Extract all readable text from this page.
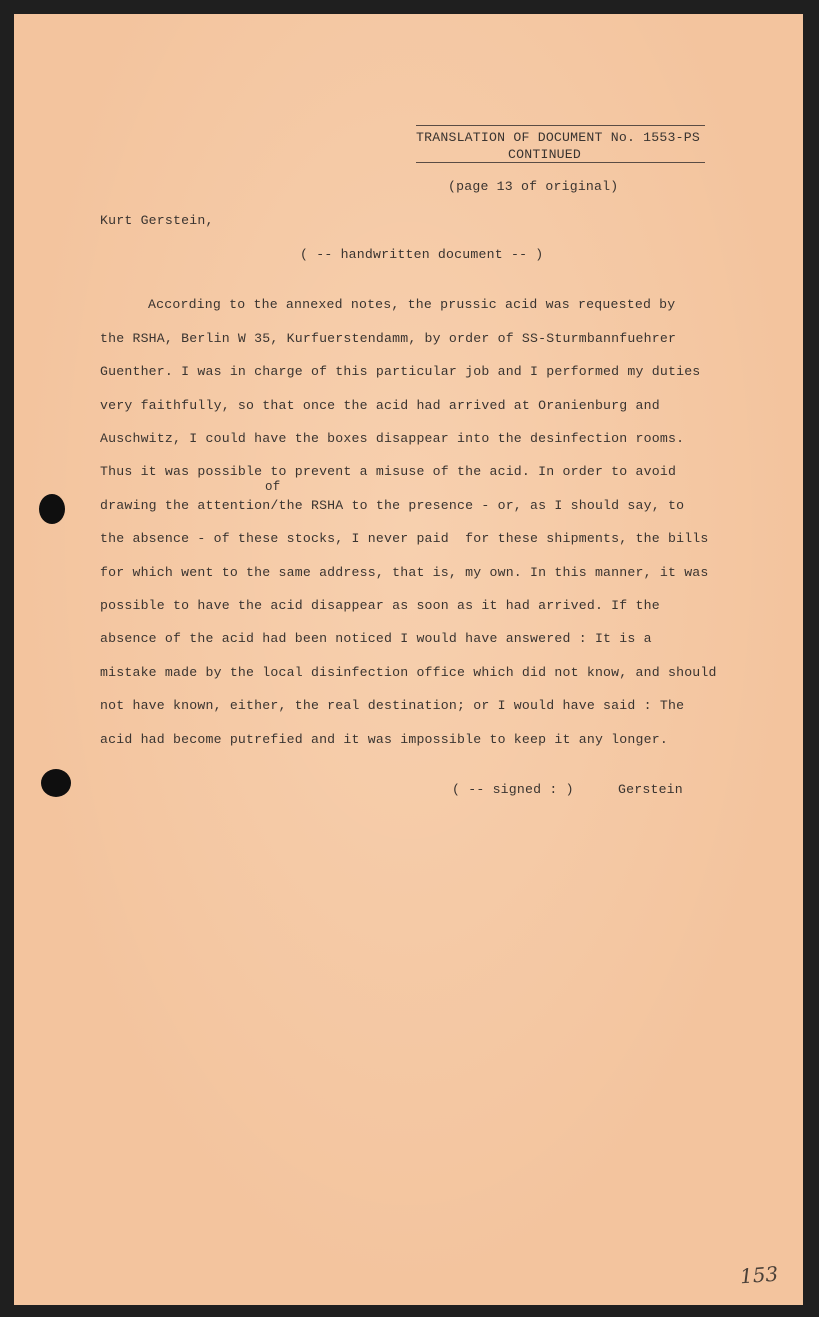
TRANSLATION OF DOCUMENT No. 1553-PS
CONTINUED
(page 13 of original)
Kurt Gerstein,
( -- handwritten document -- )
According to the annexed notes, the prussic acid was requested by
the RSHA, Berlin W 35, Kurfuerstendamm, by order of SS-Sturmbannfuehrer
Guenther. I was in charge of this particular job and I performed my duties
very faithfully, so that once the acid had arrived at Oranienburg and
Auschwitz, I could have the boxes disappear into the desinfection rooms.
Thus it was possible to prevent a misuse of the acid. In order to avoid
of
drawing the attention/the RSHA to the presence - or, as I should say, to
the absence - of these stocks, I never paid  for these shipments, the bills
for which went to the same address, that is, my own. In this manner, it was
possible to have the acid disappear as soon as it had arrived. If the
absence of the acid had been noticed I would have answered : It is a
mistake made by the local disinfection office which did not know, and should
not have known, either, the real destination; or I would have said : The
acid had become putrefied and it was impossible to keep it any longer.
( -- signed : )	Gerstein
153
